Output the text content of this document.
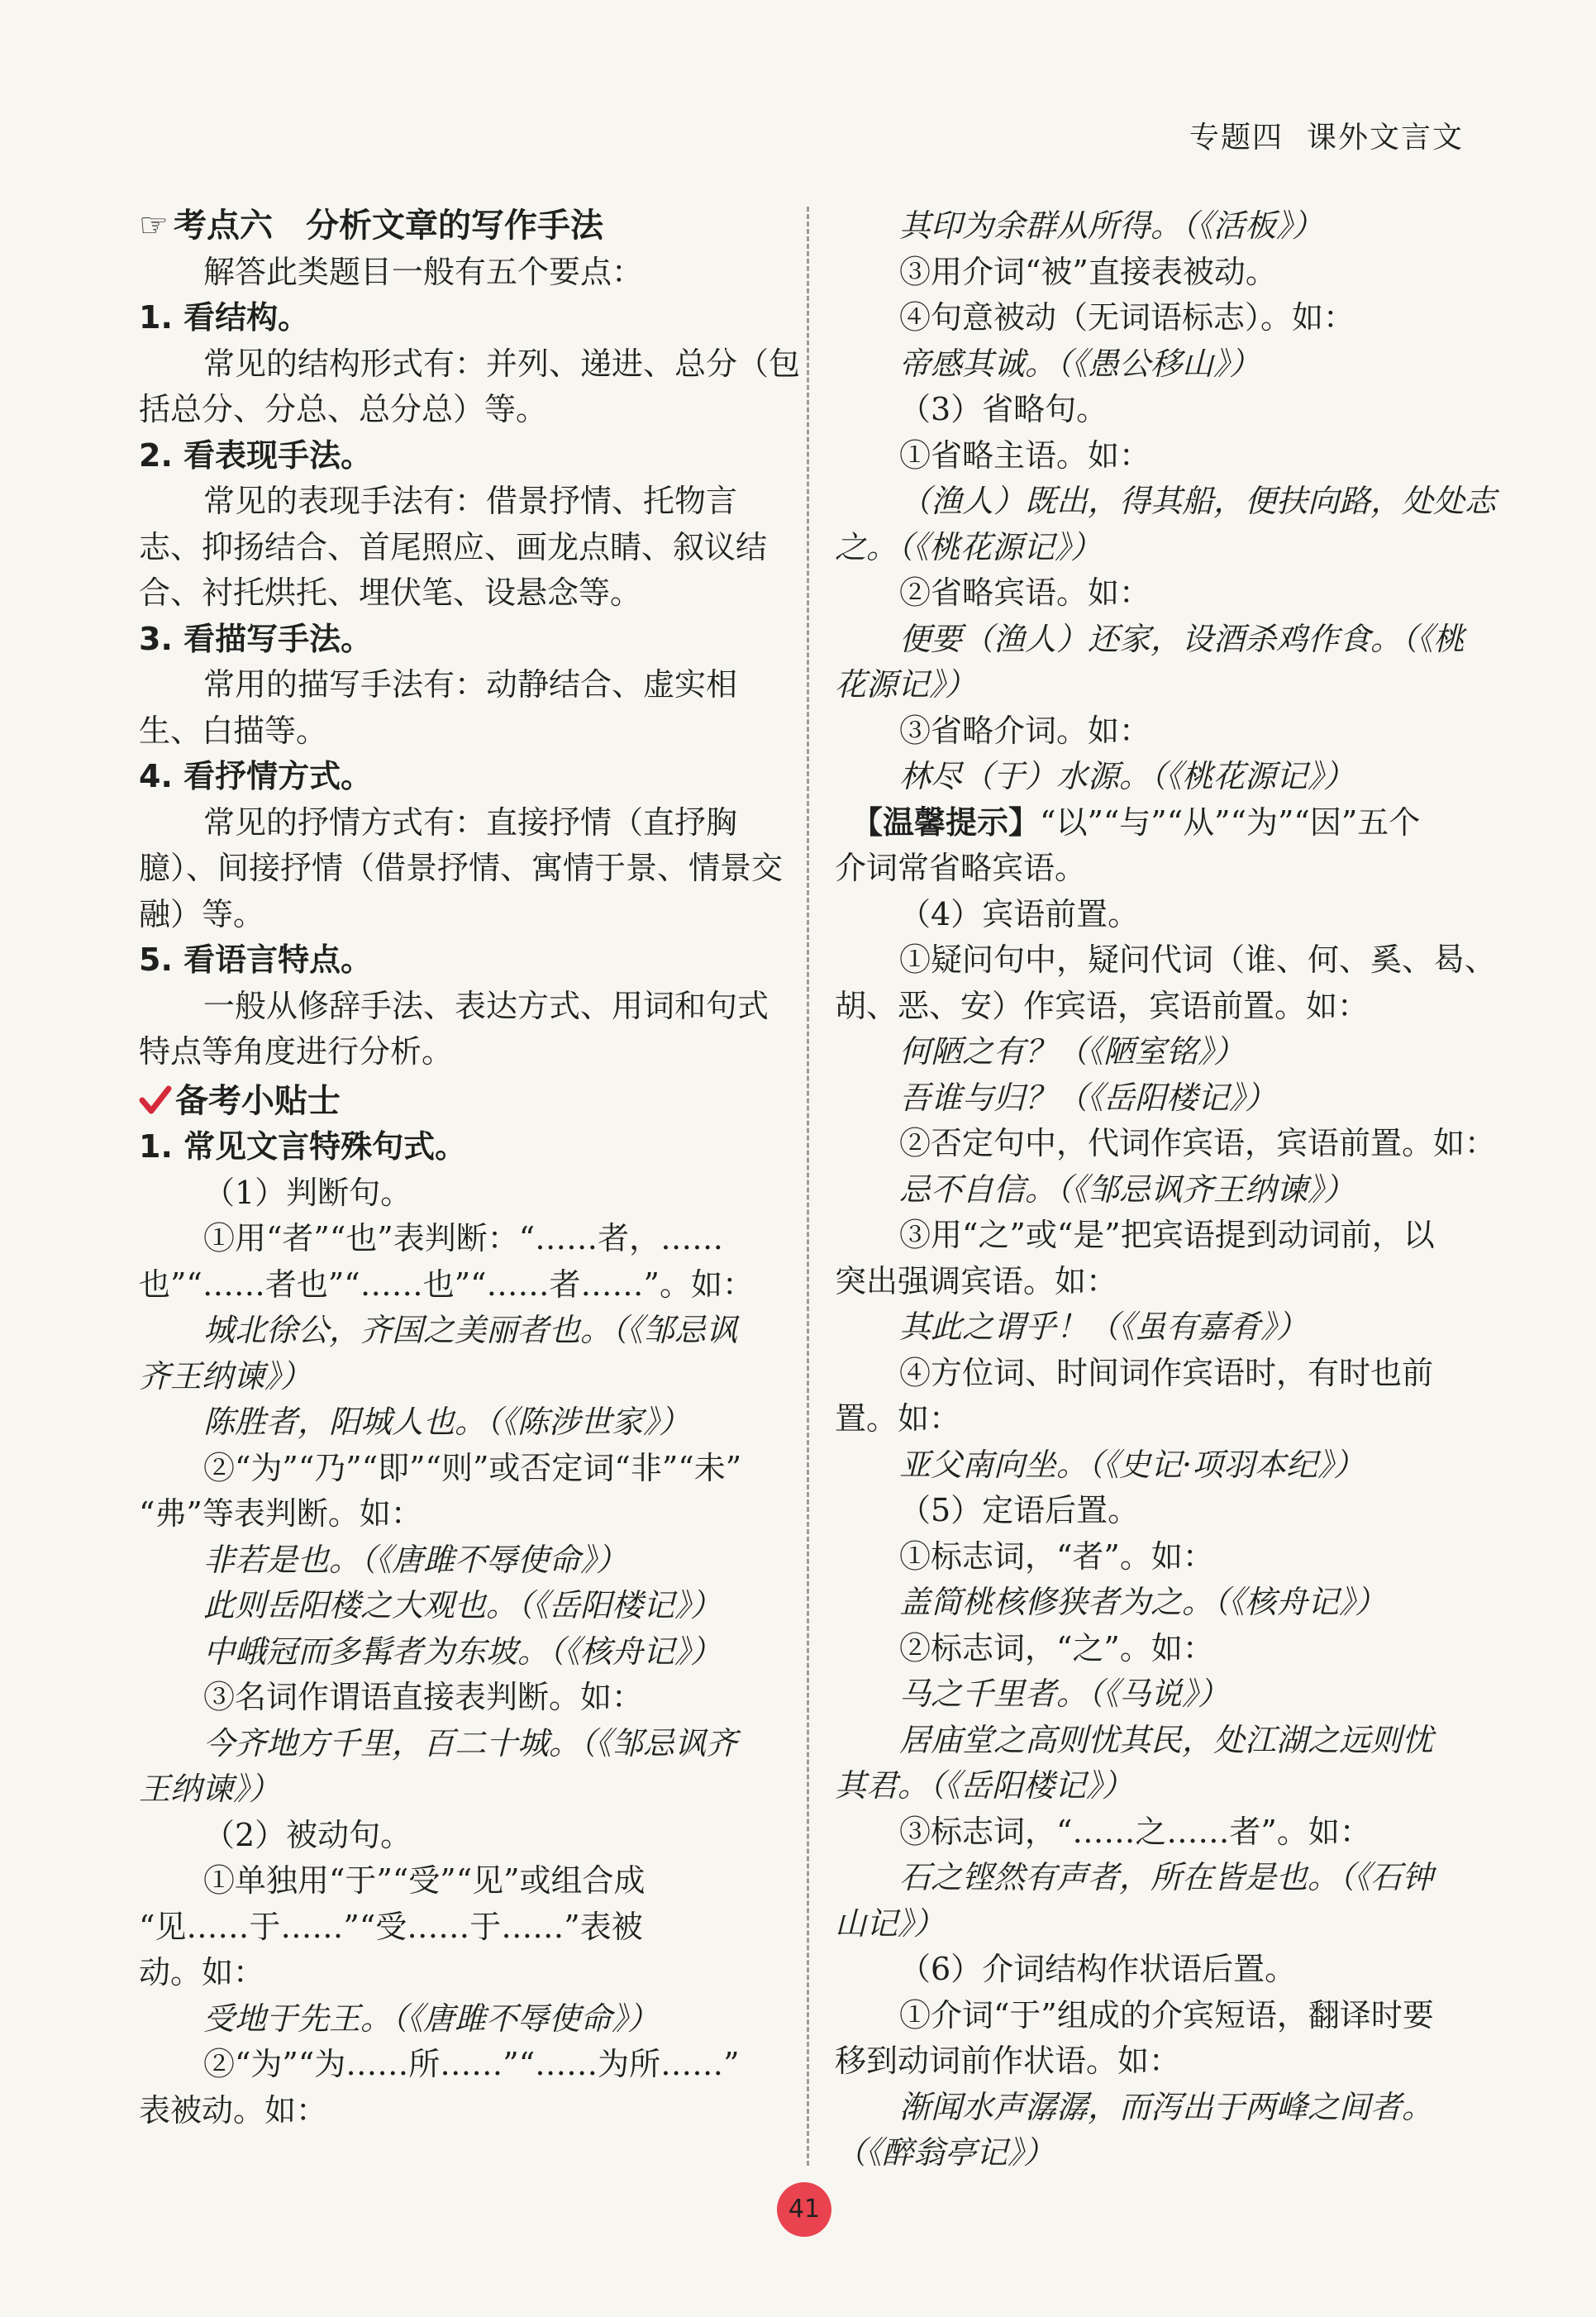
专题四 课外文言文
☞ 考点六　分析文章的写作手法
解答此类题目一般有五个要点：
1. 看结构。
常见的结构形式有：并列、递进、总分（包
括总分、分总、总分总）等。
2. 看表现手法。
常见的表现手法有：借景抒情、托物言
志、抑扬结合、首尾照应、画龙点睛、叙议结
合、衬托烘托、埋伏笔、设悬念等。
3. 看描写手法。
常用的描写手法有：动静结合、虚实相
生、白描等。
4. 看抒情方式。
常见的抒情方式有：直接抒情（直抒胸
臆）、间接抒情（借景抒情、寓情于景、情景交
融）等。
5. 看语言特点。
一般从修辞手法、表达方式、用词和句式
特点等角度进行分析。
备考小贴士
1. 常见文言特殊句式。
（1）判断句。
①用“者”“也”表判断：“……者，……
也”“……者也”“……也”“……者……”。如：
城北徐公，齐国之美丽者也。（《邹忌讽
齐王纳谏》）
陈胜者，阳城人也。（《陈涉世家》）
②“为”“乃”“即”“则”或否定词“非”“未”
“弗”等表判断。如：
非若是也。（《唐雎不辱使命》）
此则岳阳楼之大观也。（《岳阳楼记》）
中峨冠而多髯者为东坡。（《核舟记》）
③名词作谓语直接表判断。如：
今齐地方千里，百二十城。（《邹忌讽齐
王纳谏》）
（2）被动句。
①单独用“于”“受”“见”或组合成
“见……于……”“受……于……”表被
动。如：
受地于先王。（《唐雎不辱使命》）
②“为”“为……所……”“……为所……”
表被动。如：
其印为余群从所得。（《活板》）
③用介词“被”直接表被动。
④句意被动（无词语标志）。如：
帝感其诚。（《愚公移山》）
（3）省略句。
①省略主语。如：
（渔人）既出，得其船，便扶向路，处处志
之。（《桃花源记》）
②省略宾语。如：
便要（渔人）还家，设酒杀鸡作食。（《桃
花源记》）
③省略介词。如：
林尽（于）水源。（《桃花源记》）
【温馨提示】“以”“与”“从”“为”“因”五个
介词常省略宾语。
（4）宾语前置。
①疑问句中，疑问代词（谁、何、奚、曷、
胡、恶、安）作宾语，宾语前置。如：
何陋之有？（《陋室铭》）
吾谁与归？（《岳阳楼记》）
②否定句中，代词作宾语，宾语前置。如：
忌不自信。（《邹忌讽齐王纳谏》）
③用“之”或“是”把宾语提到动词前，以
突出强调宾语。如：
其此之谓乎！（《虽有嘉肴》）
④方位词、时间词作宾语时，有时也前
置。如：
亚父南向坐。（《史记·项羽本纪》）
（5）定语后置。
①标志词，“者”。如：
盖简桃核修狭者为之。（《核舟记》）
②标志词，“之”。如：
马之千里者。（《马说》）
居庙堂之高则忧其民，处江湖之远则忧
其君。（《岳阳楼记》）
③标志词，“……之……者”。如：
石之铿然有声者，所在皆是也。（《石钟
山记》）
（6）介词结构作状语后置。
①介词“于”组成的介宾短语，翻译时要
移到动词前作状语。如：
渐闻水声潺潺，而泻出于两峰之间者。
（《醉翁亭记》）
41
